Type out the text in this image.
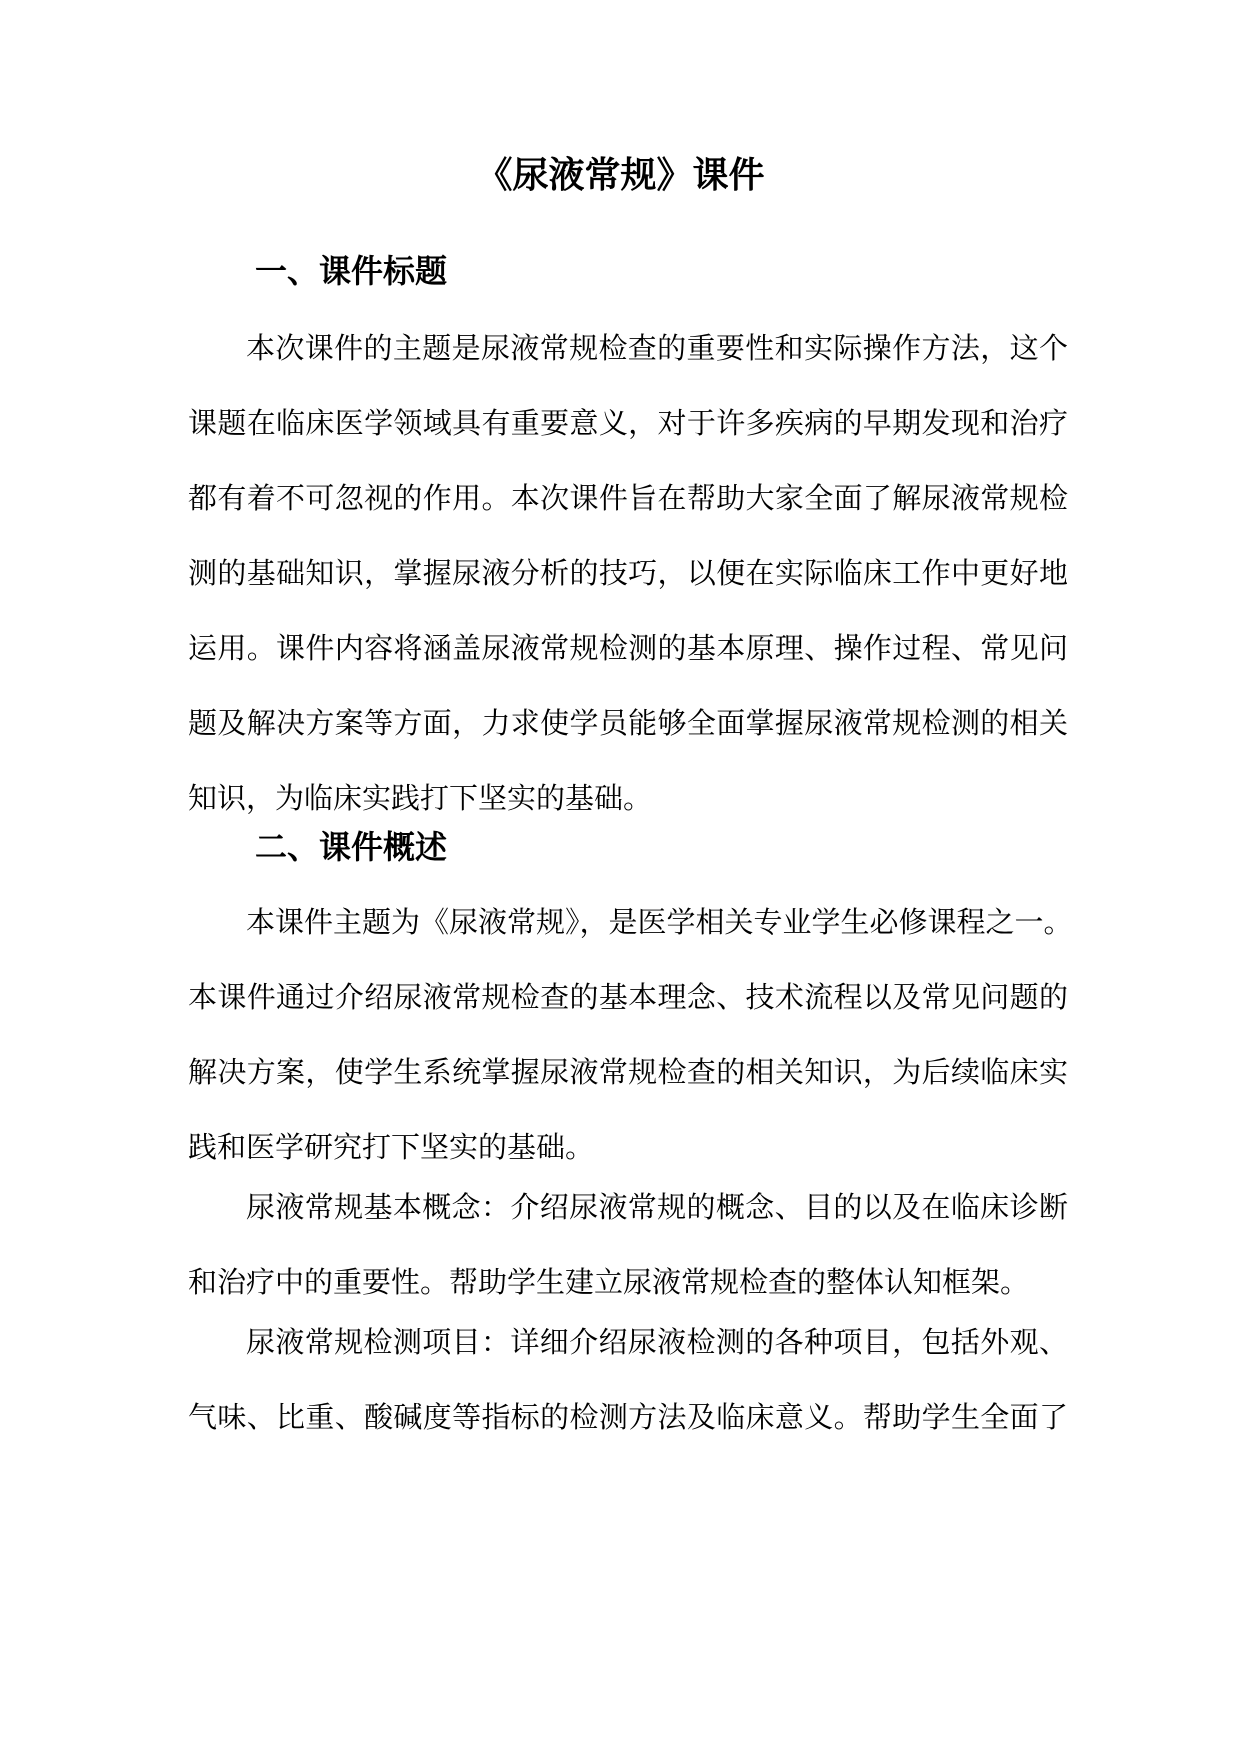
《尿液常规》课件
一、课件标题
本次课件的主题是尿液常规检查的重要性和实际操作方法，这个
课题在临床医学领域具有重要意义，对于许多疾病的早期发现和治疗
都有着不可忽视的作用。本次课件旨在帮助大家全面了解尿液常规检
测的基础知识，掌握尿液分析的技巧，以便在实际临床工作中更好地
运用。课件内容将涵盖尿液常规检测的基本原理、操作过程、常见问
题及解决方案等方面，力求使学员能够全面掌握尿液常规检测的相关
知识，为临床实践打下坚实的基础。
二、课件概述
本课件主题为《尿液常规》，是医学相关专业学生必修课程之一。
本课件通过介绍尿液常规检查的基本理念、技术流程以及常见问题的
解决方案，使学生系统掌握尿液常规检查的相关知识，为后续临床实
践和医学研究打下坚实的基础。
尿液常规基本概念：介绍尿液常规的概念、目的以及在临床诊断
和治疗中的重要性。帮助学生建立尿液常规检查的整体认知框架。
尿液常规检测项目：详细介绍尿液检测的各种项目，包括外观、
气味、比重、酸碱度等指标的检测方法及临床意义。帮助学生全面了
